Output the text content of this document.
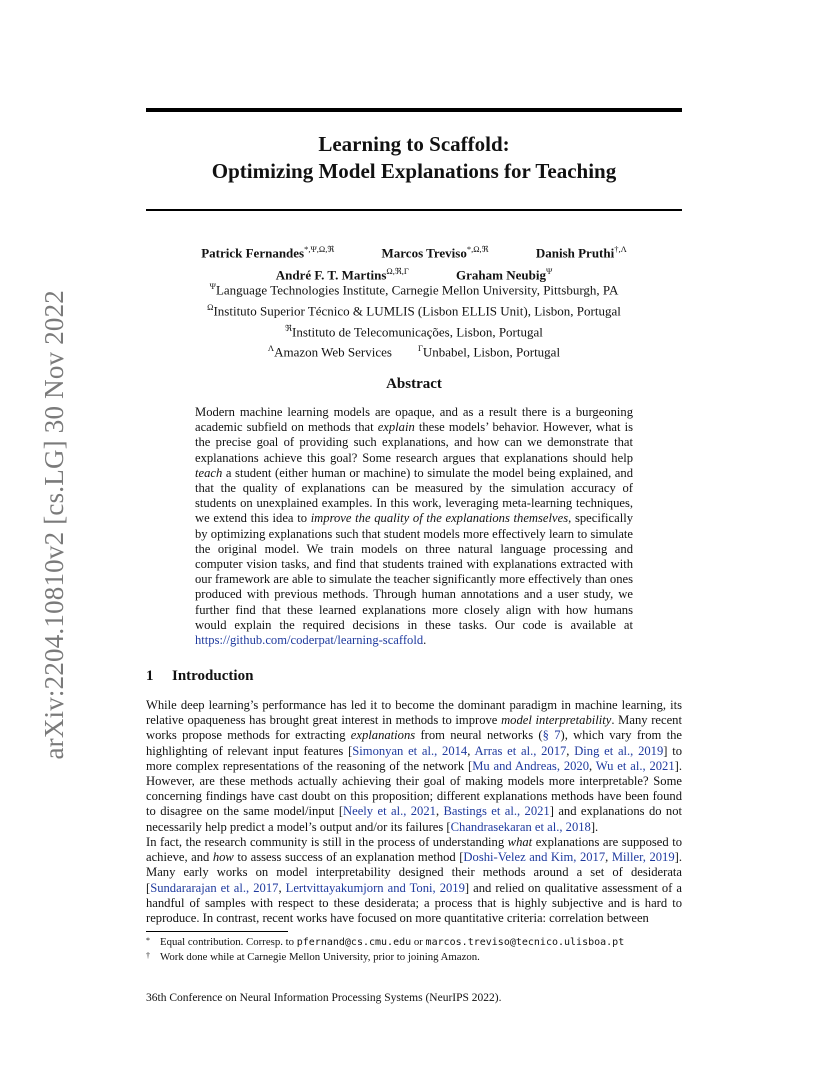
arXiv:2204.10810v2 [cs.LG] 30 Nov 2022
Learning to Scaffold:
Optimizing Model Explanations for Teaching
Patrick Fernandes$^{*,\Psi,\Omega,ℜ}$	Marcos Treviso$^{*,\Omega,ℜ}$	Danish Pruthi$^{\dagger,\Lambda}$
André F. T. Martins$^{\Omega,ℜ,\Gamma}$	Graham Neubig$^\Psi$
$^\Psi$Language Technologies Institute, Carnegie Mellon University, Pittsburgh, PA
$^\Omega$Instituto Superior Técnico & LUMLIS (Lisbon ELLIS Unit), Lisbon, Portugal
$^ℜ$Instituto de Telecomunicações, Lisbon, Portugal
$^\Lambda$Amazon Web Services	$^\Gamma$Unbabel, Lisbon, Portugal
Abstract
Modern machine learning models are opaque, and as a result there is a burgeoning academic subfield on methods that explain these models’ behavior. However, what is the precise goal of providing such explanations, and how can we demonstrate that explanations achieve this goal? Some research argues that explanations should help teach a student (either human or machine) to simulate the model being explained, and that the quality of explanations can be measured by the simulation accuracy of students on unexplained examples. In this work, leveraging meta-learning techniques, we extend this idea to improve the quality of the explanations themselves, specifically by optimizing explanations such that student models more effectively learn to simulate the original model. We train models on three natural language processing and computer vision tasks, and find that students trained with explanations extracted with our framework are able to simulate the teacher significantly more effectively than ones produced with previous methods. Through human annotations and a user study, we further find that these learned explanations more closely align with how humans would explain the required decisions in these tasks. Our code is available at https://github.com/coderpat/learning-scaffold.
1 Introduction
While deep learning’s performance has led it to become the dominant paradigm in machine learning, its relative opaqueness has brought great interest in methods to improve model interpretability. Many recent works propose methods for extracting explanations from neural networks (§ 7), which vary from the highlighting of relevant input features [Simonyan et al., 2014, Arras et al., 2017, Ding et al., 2019] to more complex representations of the reasoning of the network [Mu and Andreas, 2020, Wu et al., 2021]. However, are these methods actually achieving their goal of making models more interpretable? Some concerning findings have cast doubt on this proposition; different explanations methods have been found to disagree on the same model/input [Neely et al., 2021, Bastings et al., 2021] and explanations do not necessarily help predict a model’s output and/or its failures [Chandrasekaran et al., 2018].
In fact, the research community is still in the process of understanding what explanations are supposed to achieve, and how to assess success of an explanation method [Doshi-Velez and Kim, 2017, Miller, 2019]. Many early works on model interpretability designed their methods around a set of desiderata [Sundararajan et al., 2017, Lertvittayakumjorn and Toni, 2019] and relied on qualitative assessment of a handful of samples with respect to these desiderata; a process that is highly subjective and is hard to reproduce. In contrast, recent works have focused on more quantitative criteria: correlation between
* Equal contribution. Corresp. to pfernand@cs.cmu.edu or marcos.treviso@tecnico.ulisboa.pt
† Work done while at Carnegie Mellon University, prior to joining Amazon.
36th Conference on Neural Information Processing Systems (NeurIPS 2022).
